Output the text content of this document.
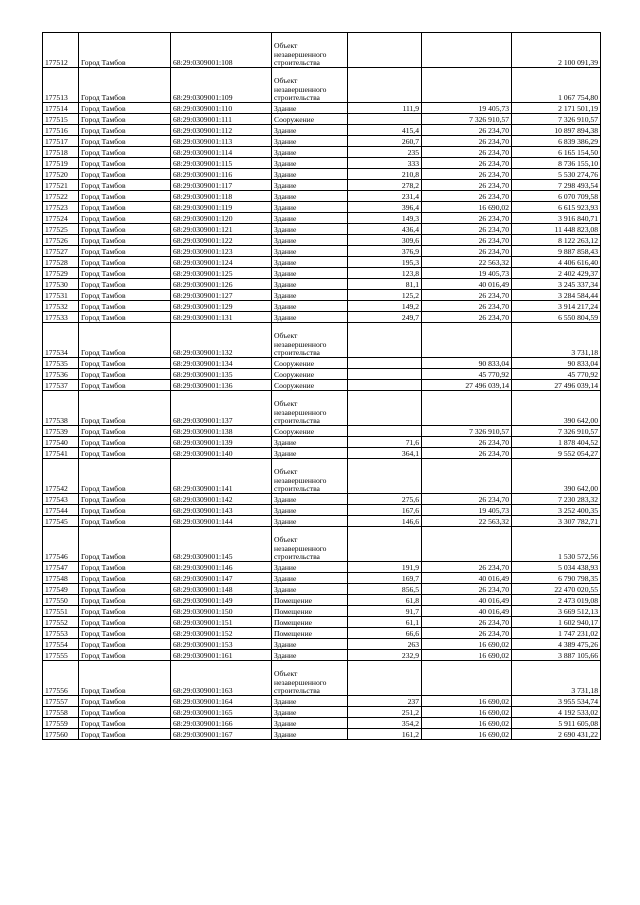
177512	Город Тамбов	68:29:0309001:108	Объект незавершенного строительства			2 100 091,39
177513	Город Тамбов	68:29:0309001:109	Объект незавершенного строительства			1 067 754,80
177514	Город Тамбов	68:29:0309001:110	Здание	111,9	19 405,73	2 171 501,19
177515	Город Тамбов	68:29:0309001:111	Сооружение		7 326 910,57	7 326 910,57
177516	Город Тамбов	68:29:0309001:112	Здание	415,4	26 234,70	10 897 894,38
177517	Город Тамбов	68:29:0309001:113	Здание	260,7	26 234,70	6 839 386,29
177518	Город Тамбов	68:29:0309001:114	Здание	235	26 234,70	6 165 154,50
177519	Город Тамбов	68:29:0309001:115	Здание	333	26 234,70	8 736 155,10
177520	Город Тамбов	68:29:0309001:116	Здание	210,8	26 234,70	5 530 274,76
177521	Город Тамбов	68:29:0309001:117	Здание	278,2	26 234,70	7 298 493,54
177522	Город Тамбов	68:29:0309001:118	Здание	231,4	26 234,70	6 070 709,58
177523	Город Тамбов	68:29:0309001:119	Здание	396,4	16 690,02	6 615 923,93
177524	Город Тамбов	68:29:0309001:120	Здание	149,3	26 234,70	3 916 840,71
177525	Город Тамбов	68:29:0309001:121	Здание	436,4	26 234,70	11 448 823,08
177526	Город Тамбов	68:29:0309001:122	Здание	309,6	26 234,70	8 122 263,12
177527	Город Тамбов	68:29:0309001:123	Здание	376,9	26 234,70	9 887 858,43
177528	Город Тамбов	68:29:0309001:124	Здание	195,3	22 563,32	4 406 616,40
177529	Город Тамбов	68:29:0309001:125	Здание	123,8	19 405,73	2 402 429,37
177530	Город Тамбов	68:29:0309001:126	Здание	81,1	40 016,49	3 245 337,34
177531	Город Тамбов	68:29:0309001:127	Здание	125,2	26 234,70	3 284 584,44
177532	Город Тамбов	68:29:0309001:129	Здание	149,2	26 234,70	3 914 217,24
177533	Город Тамбов	68:29:0309001:131	Здание	249,7	26 234,70	6 550 804,59
177534	Город Тамбов	68:29:0309001:132	Объект незавершенного строительства			3 731,18
177535	Город Тамбов	68:29:0309001:134	Сооружение		90 833,04	90 833,04
177536	Город Тамбов	68:29:0309001:135	Сооружение		45 770,92	45 770,92
177537	Город Тамбов	68:29:0309001:136	Сооружение		27 496 039,14	27 496 039,14
177538	Город Тамбов	68:29:0309001:137	Объект незавершенного строительства			390 642,00
177539	Город Тамбов	68:29:0309001:138	Сооружение		7 326 910,57	7 326 910,57
177540	Город Тамбов	68:29:0309001:139	Здание	71,6	26 234,70	1 878 404,52
177541	Город Тамбов	68:29:0309001:140	Здание	364,1	26 234,70	9 552 054,27
177542	Город Тамбов	68:29:0309001:141	Объект незавершенного строительства			390 642,00
177543	Город Тамбов	68:29:0309001:142	Здание	275,6	26 234,70	7 230 283,32
177544	Город Тамбов	68:29:0309001:143	Здание	167,6	19 405,73	3 252 400,35
177545	Город Тамбов	68:29:0309001:144	Здание	146,6	22 563,32	3 307 782,71
177546	Город Тамбов	68:29:0309001:145	Объект незавершенного строительства			1 530 572,56
177547	Город Тамбов	68:29:0309001:146	Здание	191,9	26 234,70	5 034 438,93
177548	Город Тамбов	68:29:0309001:147	Здание	169,7	40 016,49	6 790 798,35
177549	Город Тамбов	68:29:0309001:148	Здание	856,5	26 234,70	22 470 020,55
177550	Город Тамбов	68:29:0309001:149	Помещение	61,8	40 016,49	2 473 019,08
177551	Город Тамбов	68:29:0309001:150	Помещение	91,7	40 016,49	3 669 512,13
177552	Город Тамбов	68:29:0309001:151	Помещение	61,1	26 234,70	1 602 940,17
177553	Город Тамбов	68:29:0309001:152	Помещение	66,6	26 234,70	1 747 231,02
177554	Город Тамбов	68:29:0309001:153	Здание	263	16 690,02	4 389 475,26
177555	Город Тамбов	68:29:0309001:161	Здание	232,9	16 690,02	3 887 105,66
177556	Город Тамбов	68:29:0309001:163	Объект незавершенного строительства			3 731,18
177557	Город Тамбов	68:29:0309001:164	Здание	237	16 690,02	3 955 534,74
177558	Город Тамбов	68:29:0309001:165	Здание	251,2	16 690,02	4 192 533,02
177559	Город Тамбов	68:29:0309001:166	Здание	354,2	16 690,02	5 911 605,08
177560	Город Тамбов	68:29:0309001:167	Здание	161,2	16 690,02	2 690 431,22
